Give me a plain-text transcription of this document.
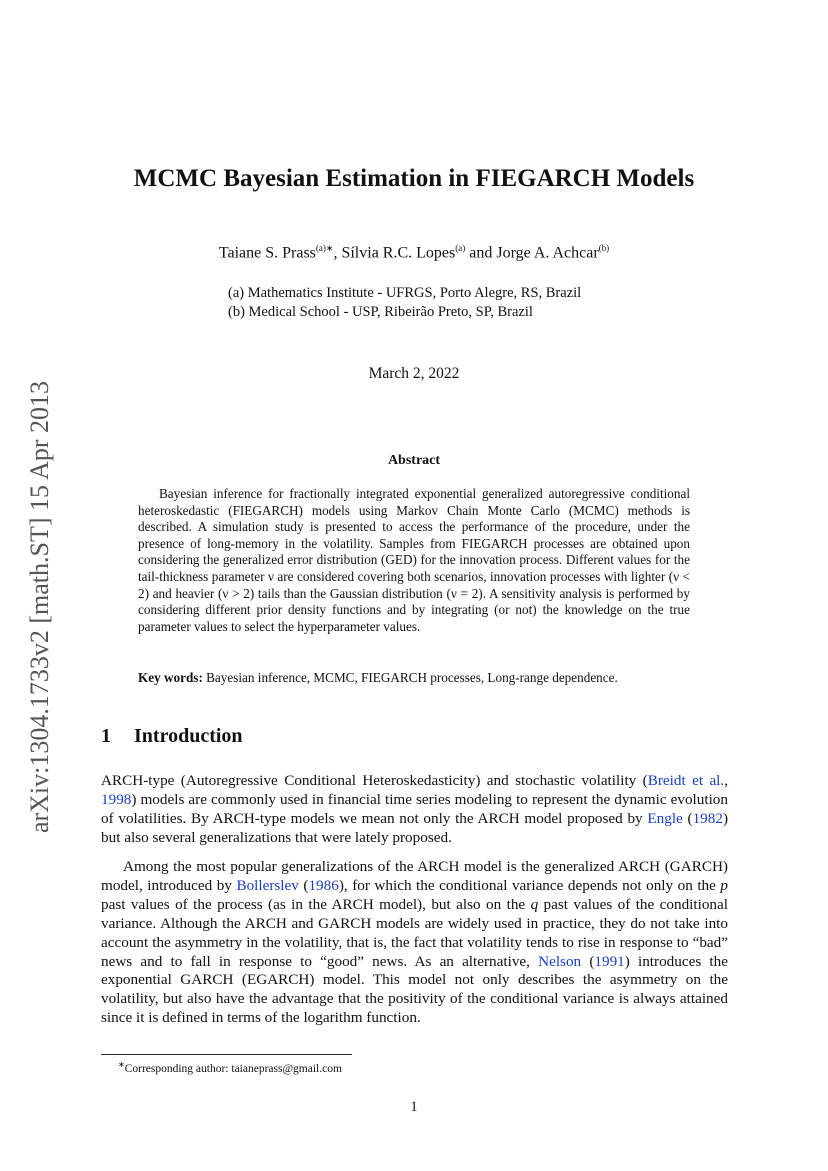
arXiv:1304.1733v2 [math.ST] 15 Apr 2013
MCMC Bayesian Estimation in FIEGARCH Models
Taiane S. Prass$^{(a)∗}$, Sílvia R.C. Lopes$^{(a)}$ and Jorge A. Achcar$^{(b)}$
(a) Mathematics Institute - UFRGS, Porto Alegre, RS, Brazil
(b) Medical School - USP, Ribeirão Preto, SP, Brazil
March 2, 2022
Abstract
Bayesian inference for fractionally integrated exponential generalized autoregressive conditional heteroskedastic (FIEGARCH) models using Markov Chain Monte Carlo (MCMC) methods is described. A simulation study is presented to access the performance of the procedure, under the presence of long-memory in the volatility. Samples from FIEGARCH processes are obtained upon considering the generalized error distribution (GED) for the innovation process. Different values for the tail-thickness parameter ν are considered covering both scenarios, innovation processes with lighter (ν < 2) and heavier (ν > 2) tails than the Gaussian distribution (ν = 2). A sensitivity analysis is performed by considering different prior density functions and by integrating (or not) the knowledge on the true parameter values to select the hyperparameter values.
Key words: Bayesian inference, MCMC, FIEGARCH processes, Long-range dependence.
1 Introduction
ARCH-type (Autoregressive Conditional Heteroskedasticity) and stochastic volatility (Breidt et al., 1998) models are commonly used in financial time series modeling to represent the dynamic evolution of volatilities. By ARCH-type models we mean not only the ARCH model proposed by Engle (1982) but also several generalizations that were lately proposed.
Among the most popular generalizations of the ARCH model is the generalized ARCH (GARCH) model, introduced by Bollerslev (1986), for which the conditional variance depends not only on the p past values of the process (as in the ARCH model), but also on the q past values of the conditional variance. Although the ARCH and GARCH models are widely used in practice, they do not take into account the asymmetry in the volatility, that is, the fact that volatility tends to rise in response to “bad” news and to fall in response to “good” news. As an alternative, Nelson (1991) introduces the exponential GARCH (EGARCH) model. This model not only describes the asymmetry on the volatility, but also have the advantage that the positivity of the conditional variance is always attained since it is defined in terms of the logarithm function.
∗Corresponding author: taianeprass@gmail.com
1
